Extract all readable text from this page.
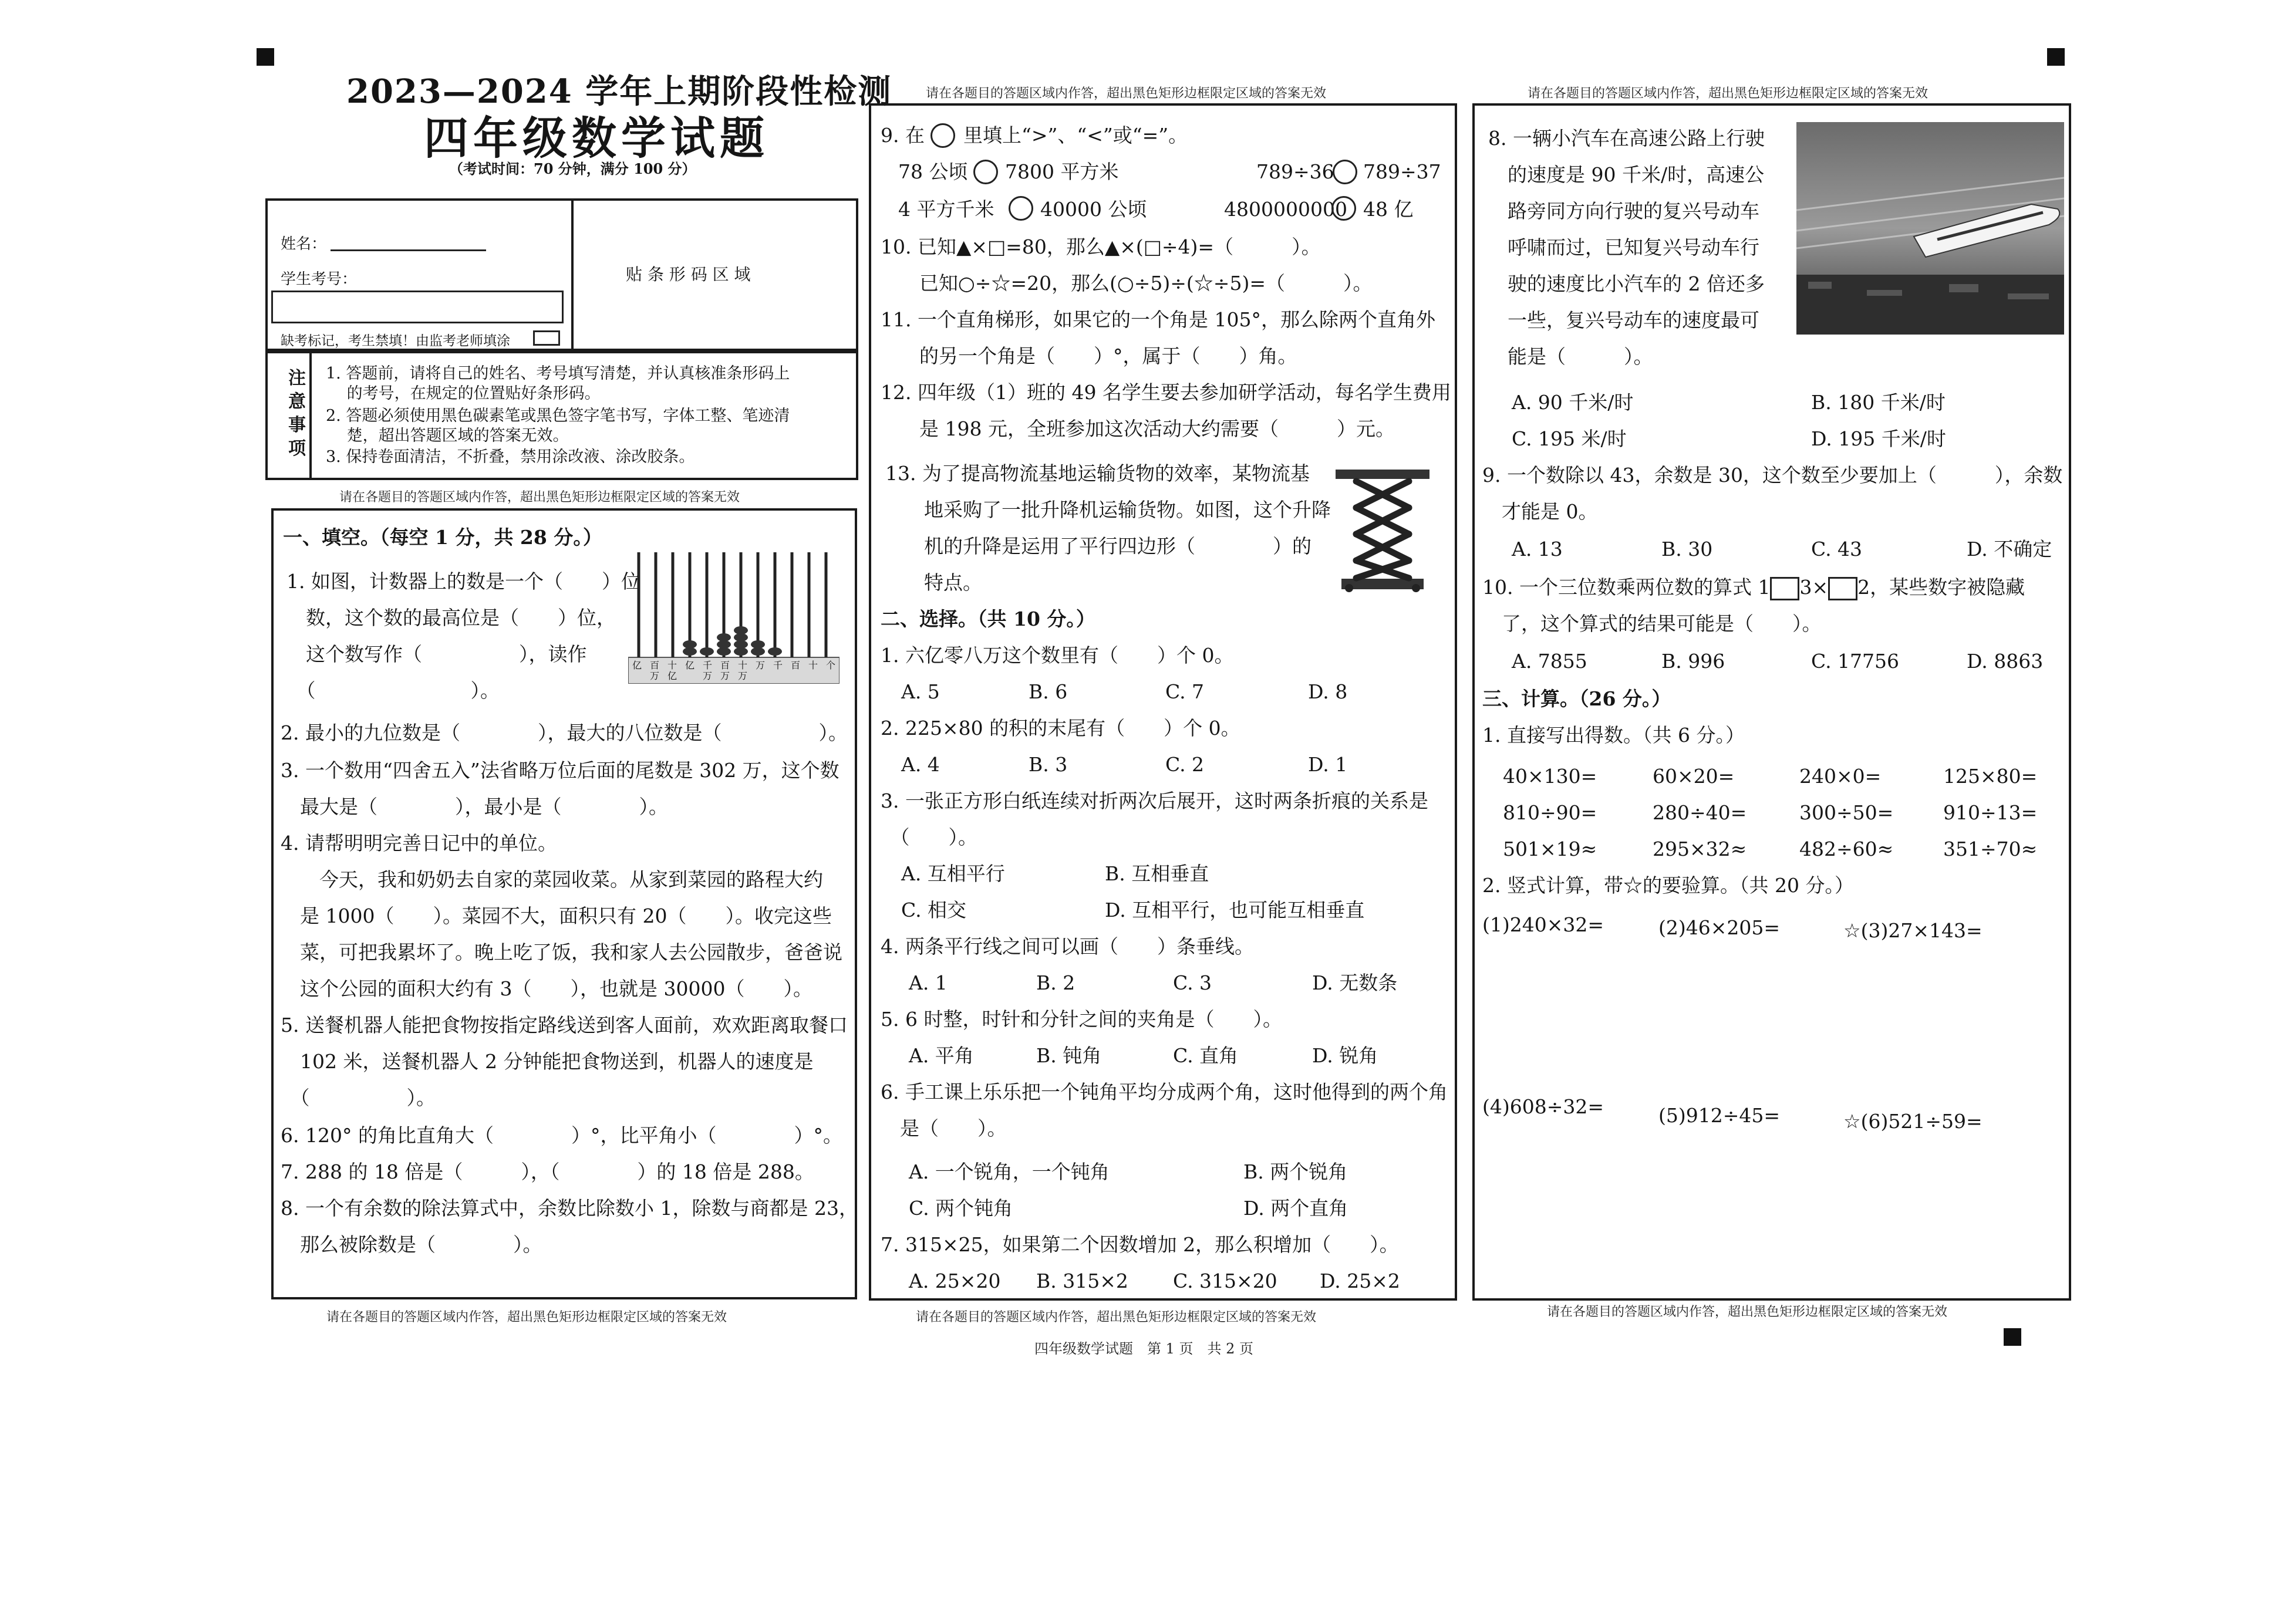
2023—2024 学年上期阶段性检测
四年级数学试题
（考试时间：70 分钟，满分 100 分）
请在各题目的答题区域内作答，超出黑色矩形边框限定区域的答案无效	请在各题目的答题区域内作答，超出黑色矩形边框限定区域的答案无效
姓名：
学生考号：
缺考标记，考生禁填！由监考老师填涂
贴 条 形 码 区 域
注
意
事
项
1. 答题前，请将自己的姓名、考号填写清楚，并认真核准条形码上
　 的考号，在规定的位置贴好条形码。
2. 答题必须使用黑色碳素笔或黑色签字笔书写，字体工整、笔迹清
　 楚，超出答题区域的答案无效。
3. 保持卷面清洁，不折叠，禁用涂改液、涂改胶条。
请在各题目的答题区域内作答，超出黑色矩形边框限定区域的答案无效
请在各题目的答题区域内作答，超出黑色矩形边框限定区域的答案无效	请在各题目的答题区域内作答，超出黑色矩形边框限定区域的答案无效	请在各题目的答题区域内作答，超出黑色矩形边框限定区域的答案无效
四年级数学试题　第 1 页　共 2 页
一、填空。（每空 1 分，共 28 分。）
1. 如图，计数器上的数是一个（　　）位
　数，这个数的最高位是（　　）位，
　这个数写作（　　　　　），读作
　（　　　　　　　　）。
亿 百万
十亿
亿 千万
百万
十万
万 千 百 十 个
2. 最小的九位数是（　　　　），最大的八位数是（　　　　　）。
3. 一个数用“四舍五入”法省略万位后面的尾数是 302 万，这个数
　最大是（　　　　），最小是（　　　　）。
4. 请帮明明完善日记中的单位。
　　今天，我和奶奶去自家的菜园收菜。从家到菜园的路程大约
　是 1000（　　）。菜园不大，面积只有 20（　　）。收完这些
　菜，可把我累坏了。晚上吃了饭，我和家人去公园散步，爸爸说
　这个公园的面积大约有 3（　　），也就是 30000（　　）。
5. 送餐机器人能把食物按指定路线送到客人面前，欢欢距离取餐口
　102 米，送餐机器人 2 分钟能把食物送到，机器人的速度是
　（　　　　　）。
6. 120° 的角比直角大（　　　　）°，比平角小（　　　　）°。
7. 288 的 18 倍是（　　　），（　　　　）的 18 倍是 288。
8. 一个有余数的除法算式中，余数比除数小 1，除数与商都是 23，
　那么被除数是（　　　　）。
9. 在　　里填上“>”、“<”或“=”。
78 公顷 7800 平方米	789÷36 789÷37
4 平方千米 40000 公顷	4800000000 48 亿
10. 已知▲×□=80，那么▲×(□÷4)=（　　　）。
　　已知○÷☆=20，那么(○÷5)÷(☆÷5)=（　　　）。
11. 一个直角梯形，如果它的一个角是 105°，那么除两个直角外
　　的另一个角是（　　）°，属于（　　）角。
12. 四年级（1）班的 49 名学生要去参加研学活动，每名学生费用
　　是 198 元，全班参加这次活动大约需要（　　　）元。
13. 为了提高物流基地运输货物的效率，某物流基
　　地采购了一批升降机运输货物。如图，这个升降
　　机的升降是运用了平行四边形（　　　　）的
　　特点。
二、选择。（共 10 分。）
1. 六亿零八万这个数里有（　　）个 0。
A. 5	B. 6	C. 7	D. 8
2. 225×80 的积的末尾有（　　）个 0。
A. 4	B. 3	C. 2	D. 1
3. 一张正方形白纸连续对折两次后展开，这时两条折痕的关系是
　（　　）。
A. 互相平行	B. 互相垂直
C. 相交	D. 互相平行，也可能互相垂直
4. 两条平行线之间可以画（　　）条垂线。
A. 1	B. 2	C. 3	D. 无数条
5. 6 时整，时针和分针之间的夹角是（　　）。
A. 平角	B. 钝角	C. 直角	D. 锐角
6. 手工课上乐乐把一个钝角平均分成两个角，这时他得到的两个角
　是（　　）。
A. 一个锐角，一个钝角	B. 两个锐角
C. 两个钝角	D. 两个直角
7. 315×25，如果第二个因数增加 2，那么积增加（　　）。
A. 25×20 B. 315×2 C. 315×20 D. 25×2
8. 一辆小汽车在高速公路上行驶
　的速度是 90 千米/时，高速公
　路旁同方向行驶的复兴号动车
　呼啸而过，已知复兴号动车行
　驶的速度比小汽车的 2 倍还多
　一些，复兴号动车的速度最可
　能是（　　　）。
A. 90 千米/时	B. 180 千米/时
C. 195 米/时	D. 195 千米/时
9. 一个数除以 43，余数是 30，这个数至少要加上（　　　），余数
　才能是 0。
A. 13	B. 30	C. 43	D. 不确定
10. 一个三位数乘两位数的算式 1 3× 2，某些数字被隐藏
　了，这个算式的结果可能是（　　）。
A. 7855	B. 996	C. 17756	D. 8863
三、计算。（26 分。）
1. 直接写出得数。（共 6 分。）
40×130=	60×20=	240×0=	125×80=
810÷90=	280÷40=	300÷50=	910÷13=
501×19≈	295×32≈	482÷60≈	351÷70≈
2. 竖式计算，带☆的要验算。（共 20 分。）
(1)240×32=	(2)46×205=	☆(3)27×143=
(4)608÷32=	(5)912÷45=	☆(6)521÷59=
